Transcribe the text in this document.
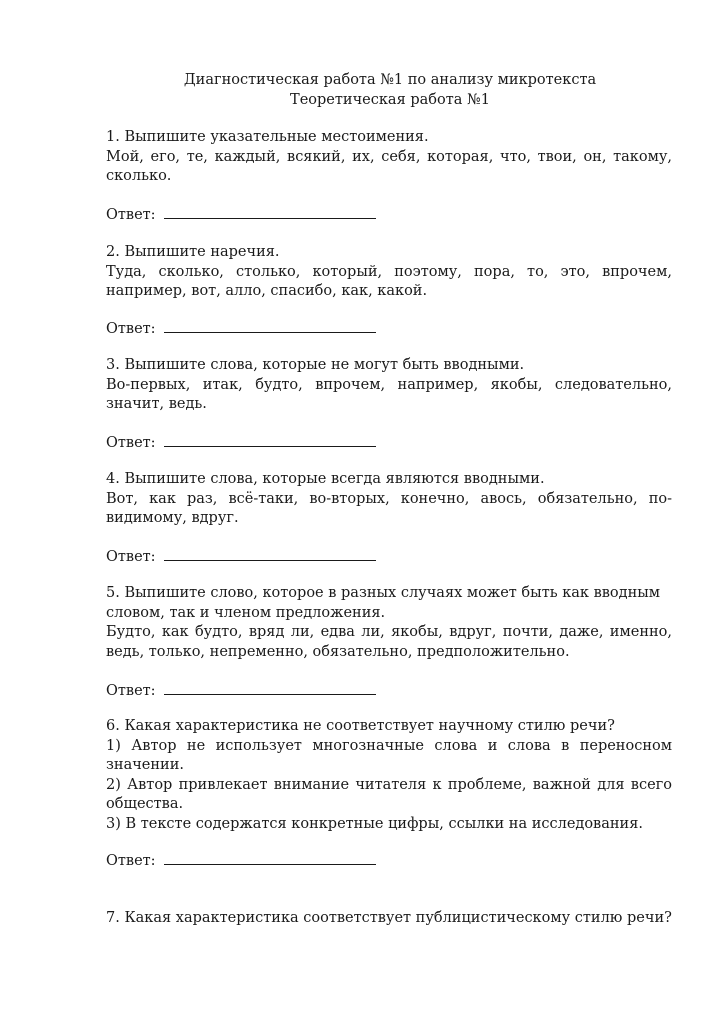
Диагностическая работа №1 по анализу микротекста
Теоретическая работа №1
1. Выпишите указательные местоимения.
Мой, его, те, каждый, всякий, их, себя, которая, что, твои, он, такому, сколько.
Ответ:
2. Выпишите наречия.
Туда, сколько, столько, который, поэтому, пора, то, это, впрочем, например, вот, алло, спасибо, как, какой.
Ответ:
3. Выпишите слова, которые не могут быть вводными.
Во-первых, итак, будто, впрочем, например, якобы, следовательно, значит, ведь.
Ответ:
4. Выпишите слова, которые всегда являются вводными.
Вот, как раз, всё-таки, во-вторых, конечно, авось, обязательно, по-видимому, вдруг.
Ответ:
5. Выпишите слово, которое в разных случаях может быть как вводным словом, так и членом предложения.
Будто, как будто, вряд ли, едва ли, якобы, вдруг, почти, даже, именно, ведь, только, непременно, обязательно, предположительно.
Ответ:
6. Какая характеристика не соответствует научному стилю речи?
1) Автор не использует многозначные слова и слова в переносном значении.
2) Автор привлекает внимание читателя к проблеме, важной для всего общества.
3) В тексте содержатся конкретные цифры, ссылки на исследования.
Ответ:
7. Какая характеристика соответствует публицистическому стилю речи?
